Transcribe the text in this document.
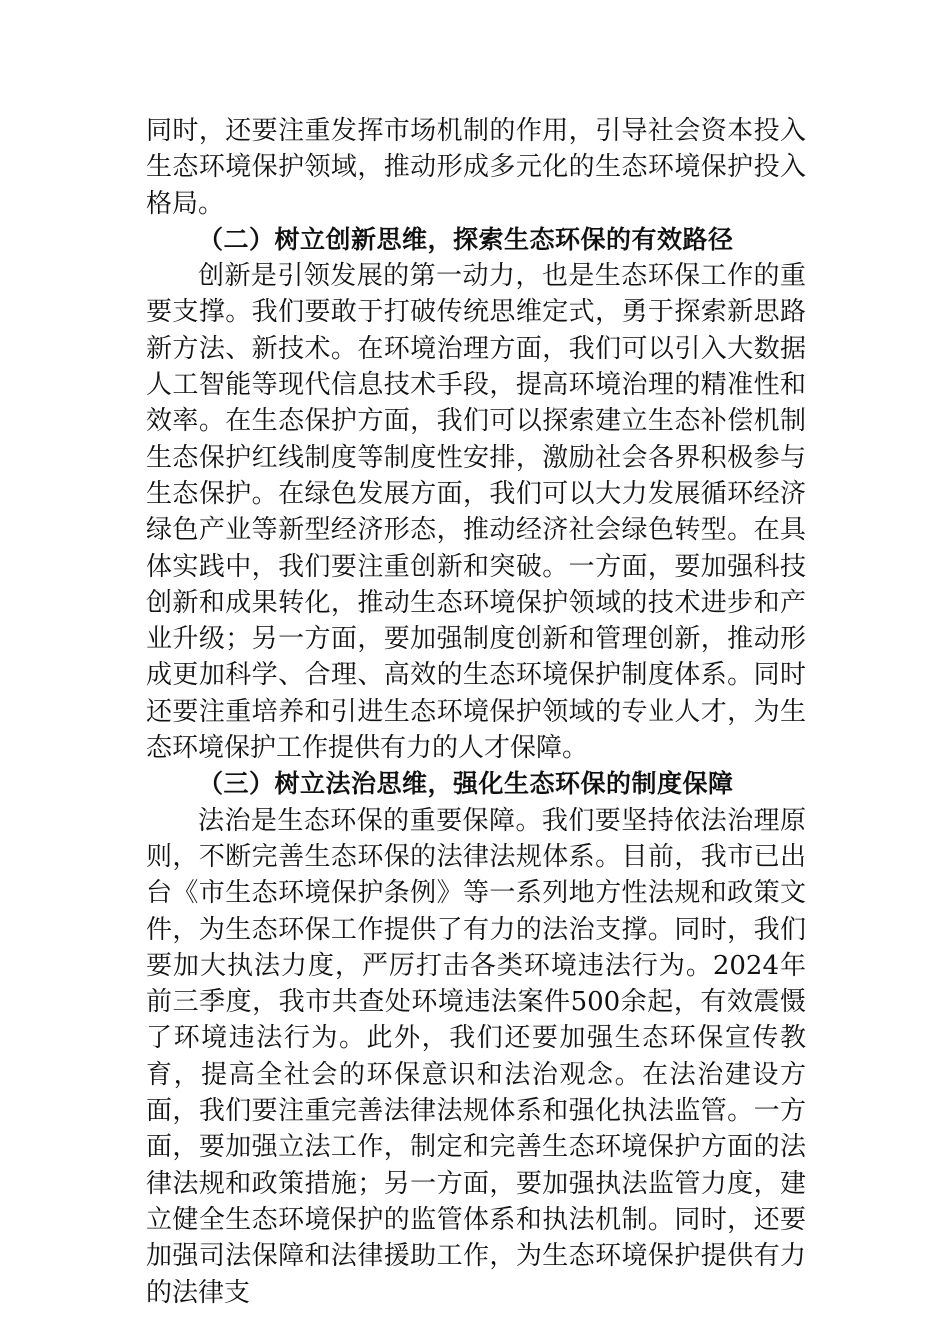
同时，还要注重发挥市场机制的作用，引导社会资本投入生态环境保护领域，推动形成多元化的生态环境保护投入格局。

（二）树立创新思维，探索生态环保的有效路径

创新是引领发展的第一动力，也是生态环保工作的重要支撑。我们要敢于打破传统思维定式，勇于探索新思路新方法、新技术。在环境治理方面，我们可以引入大数据人工智能等现代信息技术手段，提高环境治理的精准性和效率。在生态保护方面，我们可以探索建立生态补偿机制生态保护红线制度等制度性安排，激励社会各界积极参与生态保护。在绿色发展方面，我们可以大力发展循环经济绿色产业等新型经济形态，推动经济社会绿色转型。在具体实践中，我们要注重创新和突破。一方面，要加强科技创新和成果转化，推动生态环境保护领域的技术进步和产业升级；另一方面，要加强制度创新和管理创新，推动形成更加科学、合理、高效的生态环境保护制度体系。同时还要注重培养和引进生态环境保护领域的专业人才，为生态环境保护工作提供有力的人才保障。

（三）树立法治思维，强化生态环保的制度保障

法治是生态环保的重要保障。我们要坚持依法治理原则，不断完善生态环保的法律法规体系。目前，我市已出台《市生态环境保护条例》等一系列地方性法规和政策文件，为生态环保工作提供了有力的法治支撑。同时，我们要加大执法力度，严厉打击各类环境违法行为。2024年前三季度，我市共查处环境违法案件500余起，有效震慑了环境违法行为。此外，我们还要加强生态环保宣传教育，提高全社会的环保意识和法治观念。在法治建设方面，我们要注重完善法律法规体系和强化执法监管。一方面，要加强立法工作，制定和完善生态环境保护方面的法律法规和政策措施；另一方面，要加强执法监管力度，建立健全生态环境保护的监管体系和执法机制。同时，还要加强司法保障和法律援助工作，为生态环境保护提供有力的法律支
